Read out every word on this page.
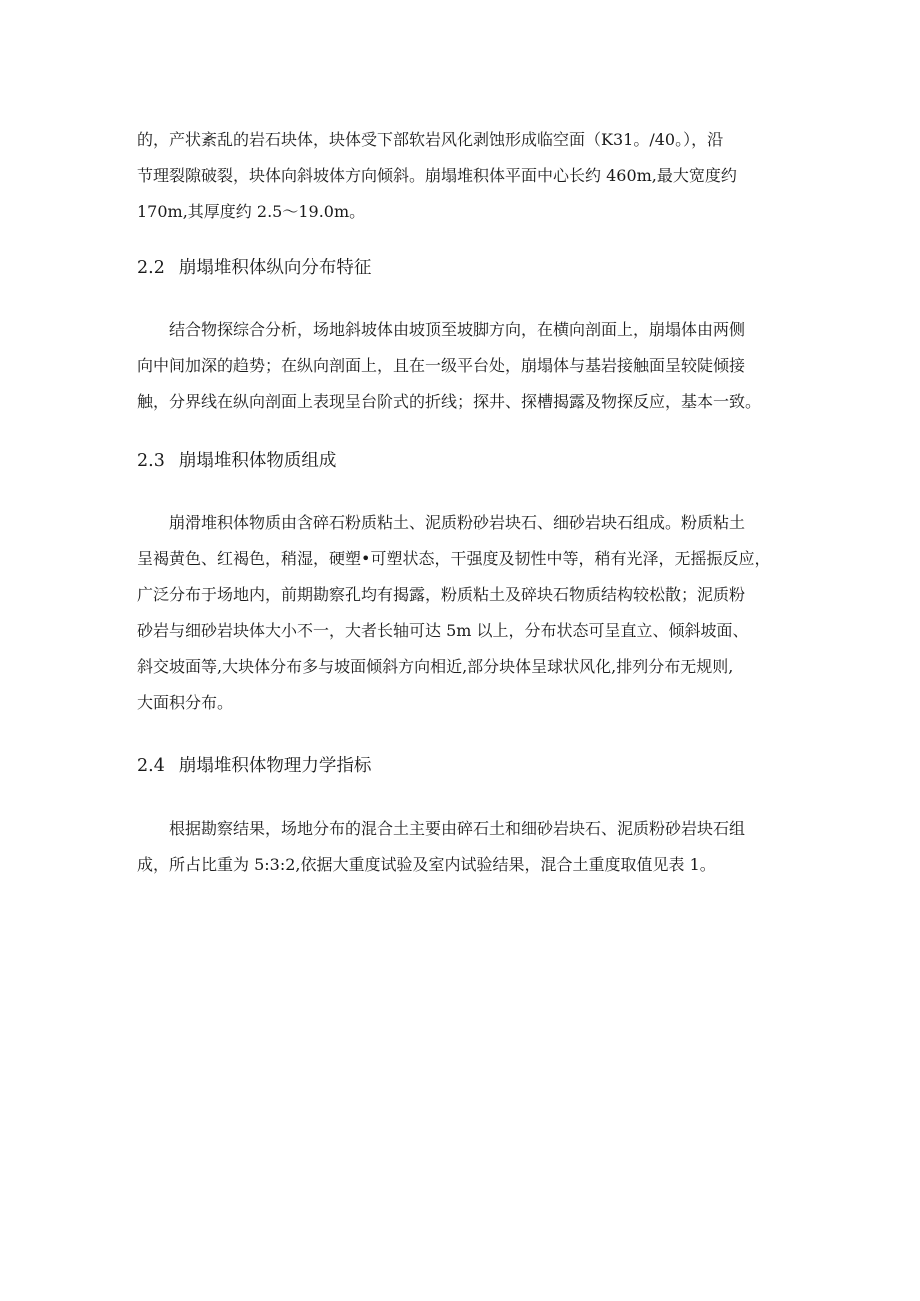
的，产状紊乱的岩石块体，块体受下部软岩风化剥蚀形成临空面（K31。/40。），沿
节理裂隙破裂，块体向斜坡体方向倾斜。崩塌堆积体平面中心长约 460m,最大宽度约
170m,其厚度约 2.5～19.0m。
2.2 崩塌堆积体纵向分布特征
结合物探综合分析，场地斜坡体由坡顶至坡脚方向，在横向剖面上，崩塌体由两侧
向中间加深的趋势；在纵向剖面上，且在一级平台处，崩塌体与基岩接触面呈较陡倾接
触，分界线在纵向剖面上表现呈台阶式的折线；探井、探槽揭露及物探反应，基本一致。
2.3 崩塌堆积体物质组成
崩滑堆积体物质由含碎石粉质粘土、泥质粉砂岩块石、细砂岩块石组成。粉质粘土
呈褐黄色、红褐色，稍湿，硬塑•可塑状态，干强度及韧性中等，稍有光泽，无摇振反应，
广泛分布于场地内，前期勘察孔均有揭露，粉质粘土及碎块石物质结构较松散；泥质粉
砂岩与细砂岩块体大小不一，大者长轴可达 5m 以上，分布状态可呈直立、倾斜坡面、
斜交坡面等,大块体分布多与坡面倾斜方向相近,部分块体呈球状风化,排列分布无规则,
大面积分布。
2.4 崩塌堆积体物理力学指标
根据勘察结果，场地分布的混合土主要由碎石土和细砂岩块石、泥质粉砂岩块石组
成，所占比重为 5:3:2,依据大重度试验及室内试验结果，混合土重度取值见表 1。
